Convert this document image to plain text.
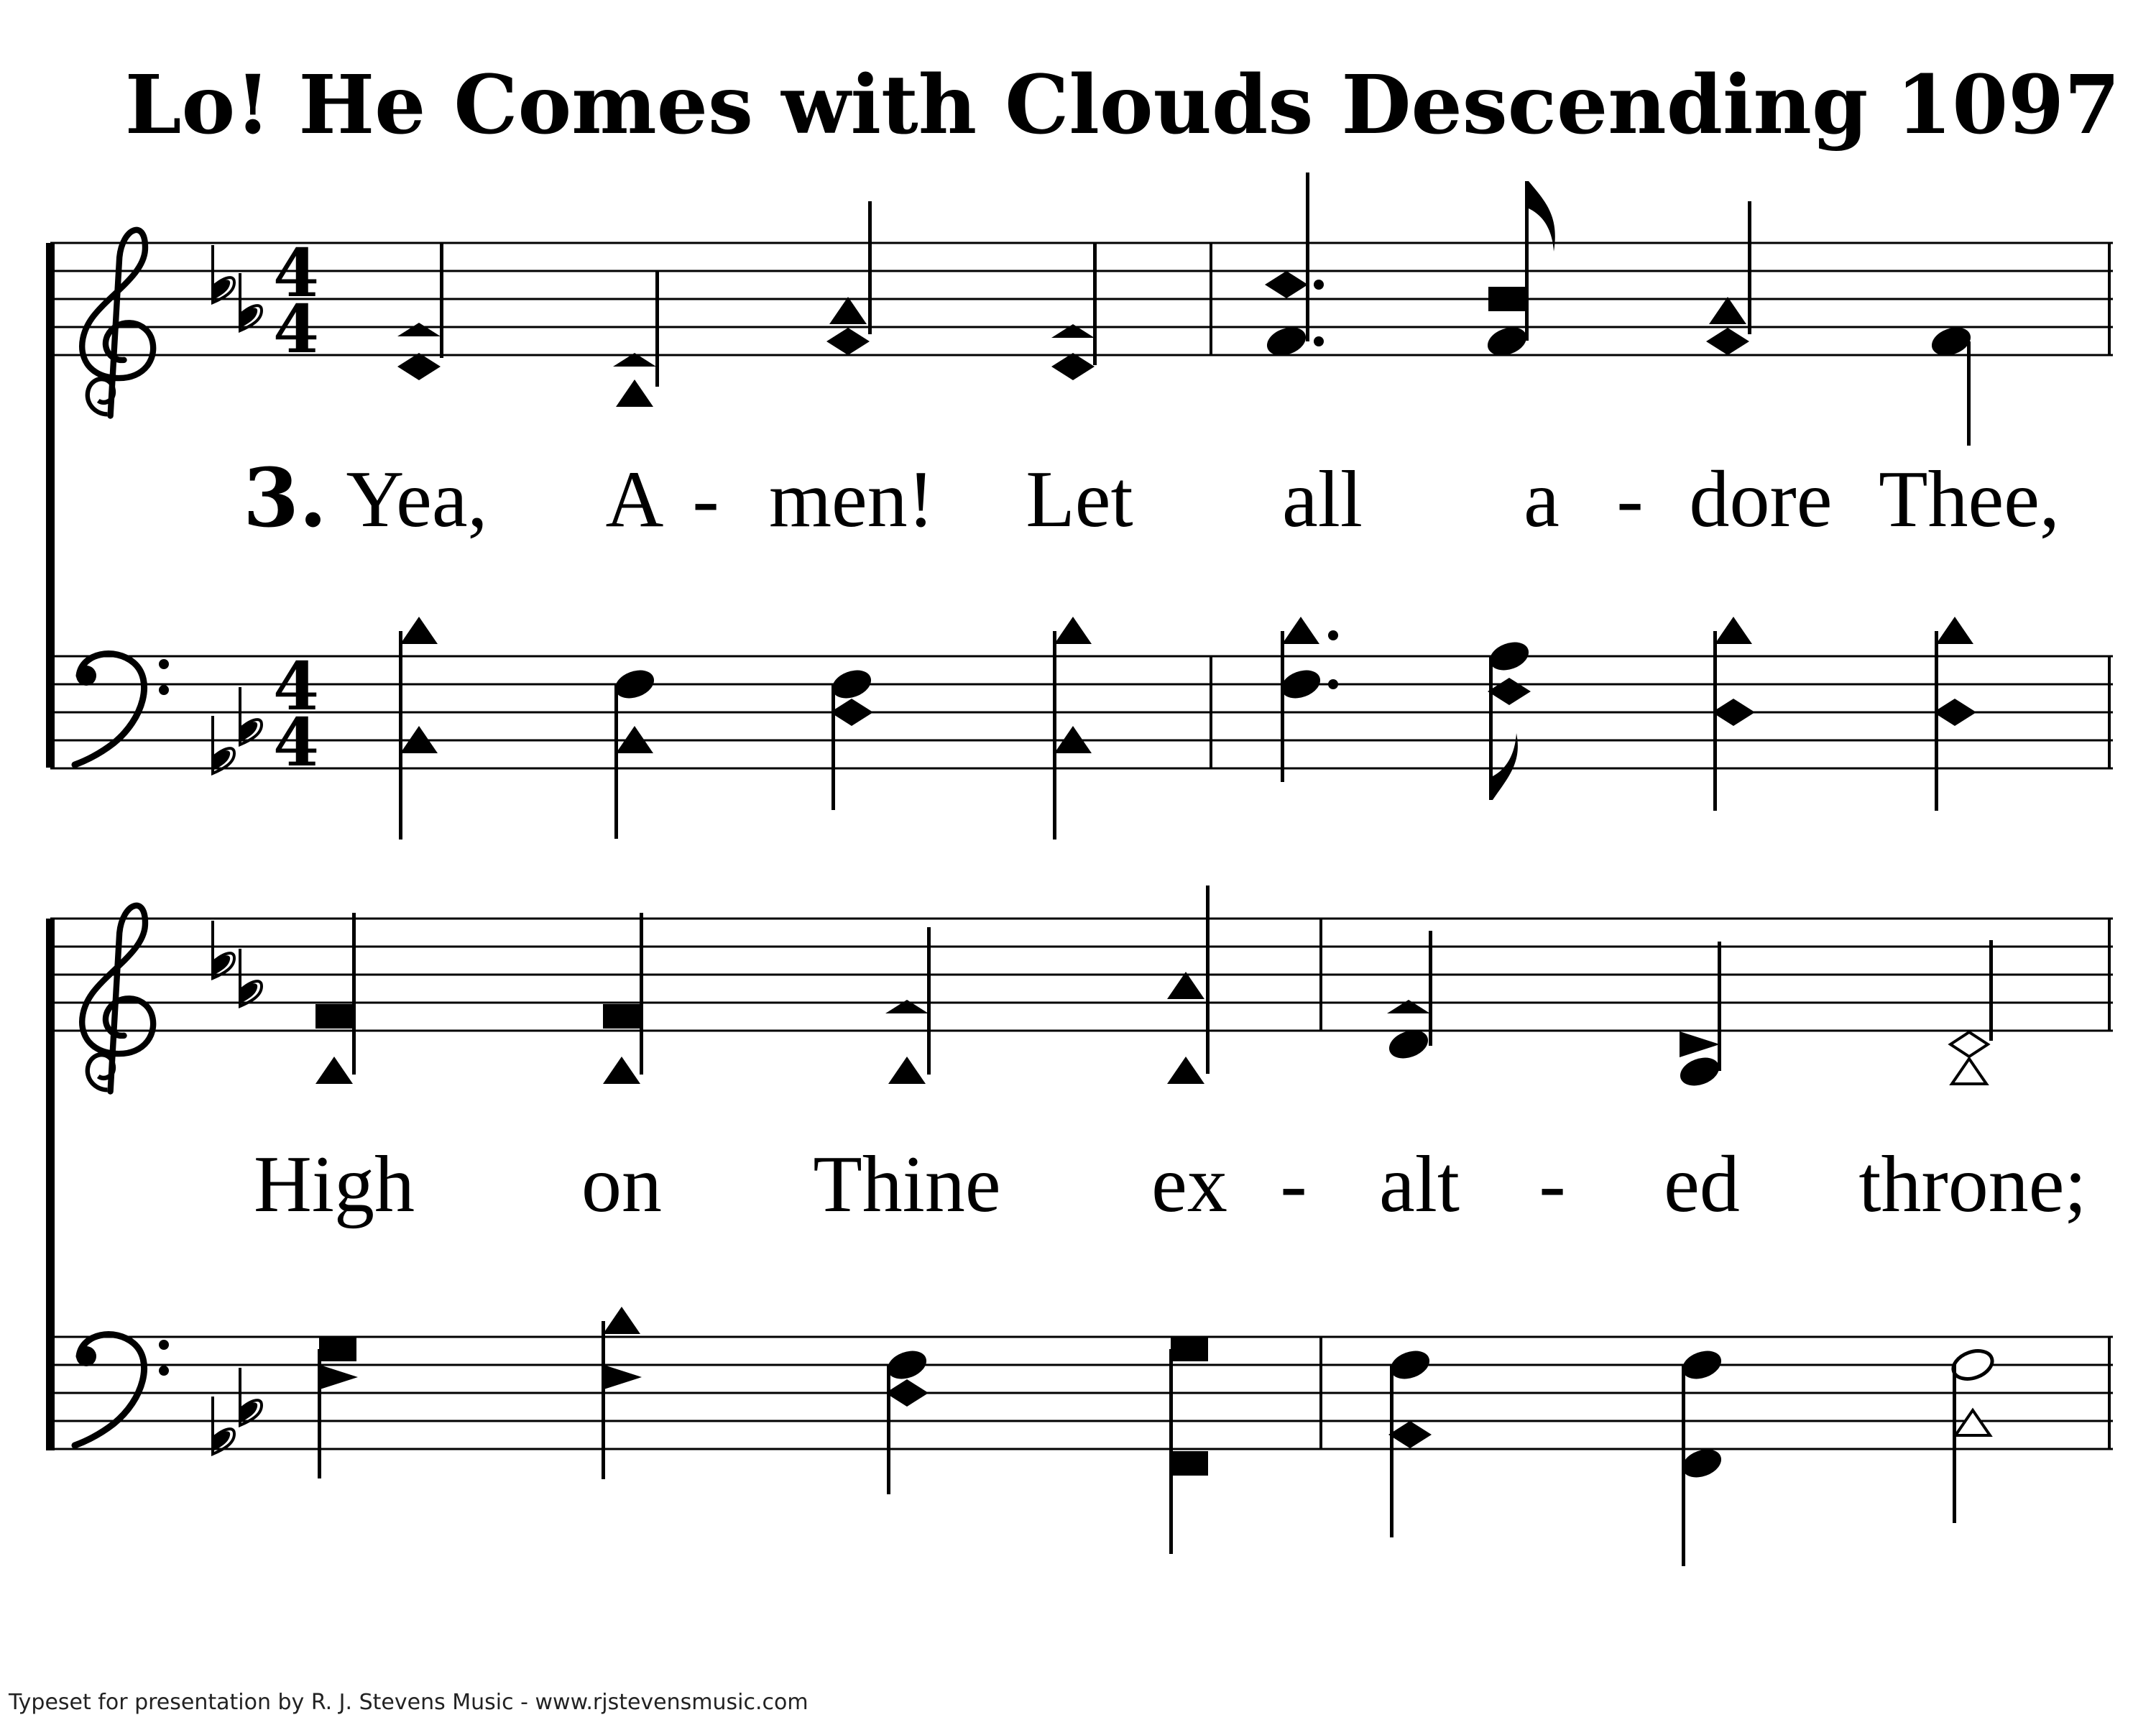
Lo! He Comes with Clouds Descending 1097
4
4
4
4
3. Yea, A - men! Let all a - dore Thee,
High on Thine ex - alt - ed throne;
Typeset for presentation by R. J. Stevens Music - www.rjstevensmusic.com
